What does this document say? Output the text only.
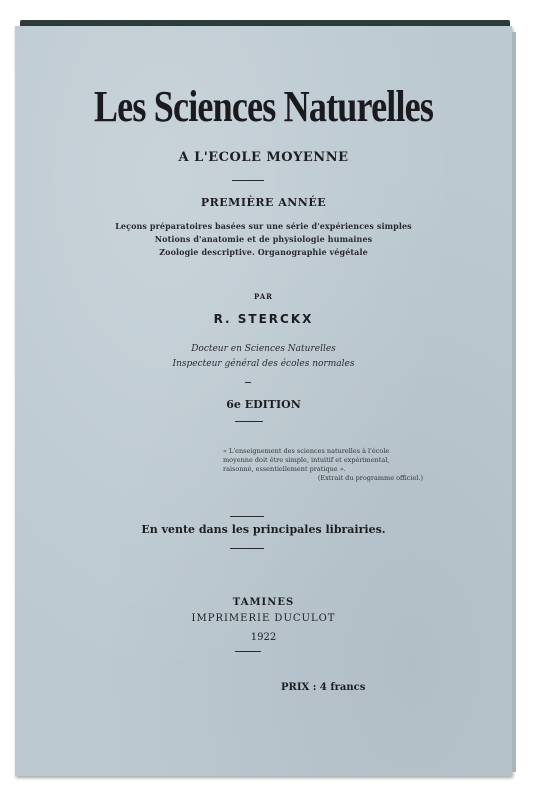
Les Sciences Naturelles
A L'ECOLE MOYENNE
PREMIÈRE ANNÉE
Leçons préparatoires basées sur une série d'expériences simples
Notions d'anatomie et de physiologie humaines
Zoologie descriptive. Organographie végétale
PAR
R. STERCKX
Docteur en Sciences Naturelles
Inspecteur général des écoles normales
6e EDITION
« L'enseignement des sciences naturelles à l'école
moyenne doit être simple, intuitif et expérimental,
raisonné, essentiellement pratique ».
(Extrait du programme officiel.)
En vente dans les principales librairies.
TAMINES
IMPRIMERIE DUCULOT
1922
PRIX : 4 francs
